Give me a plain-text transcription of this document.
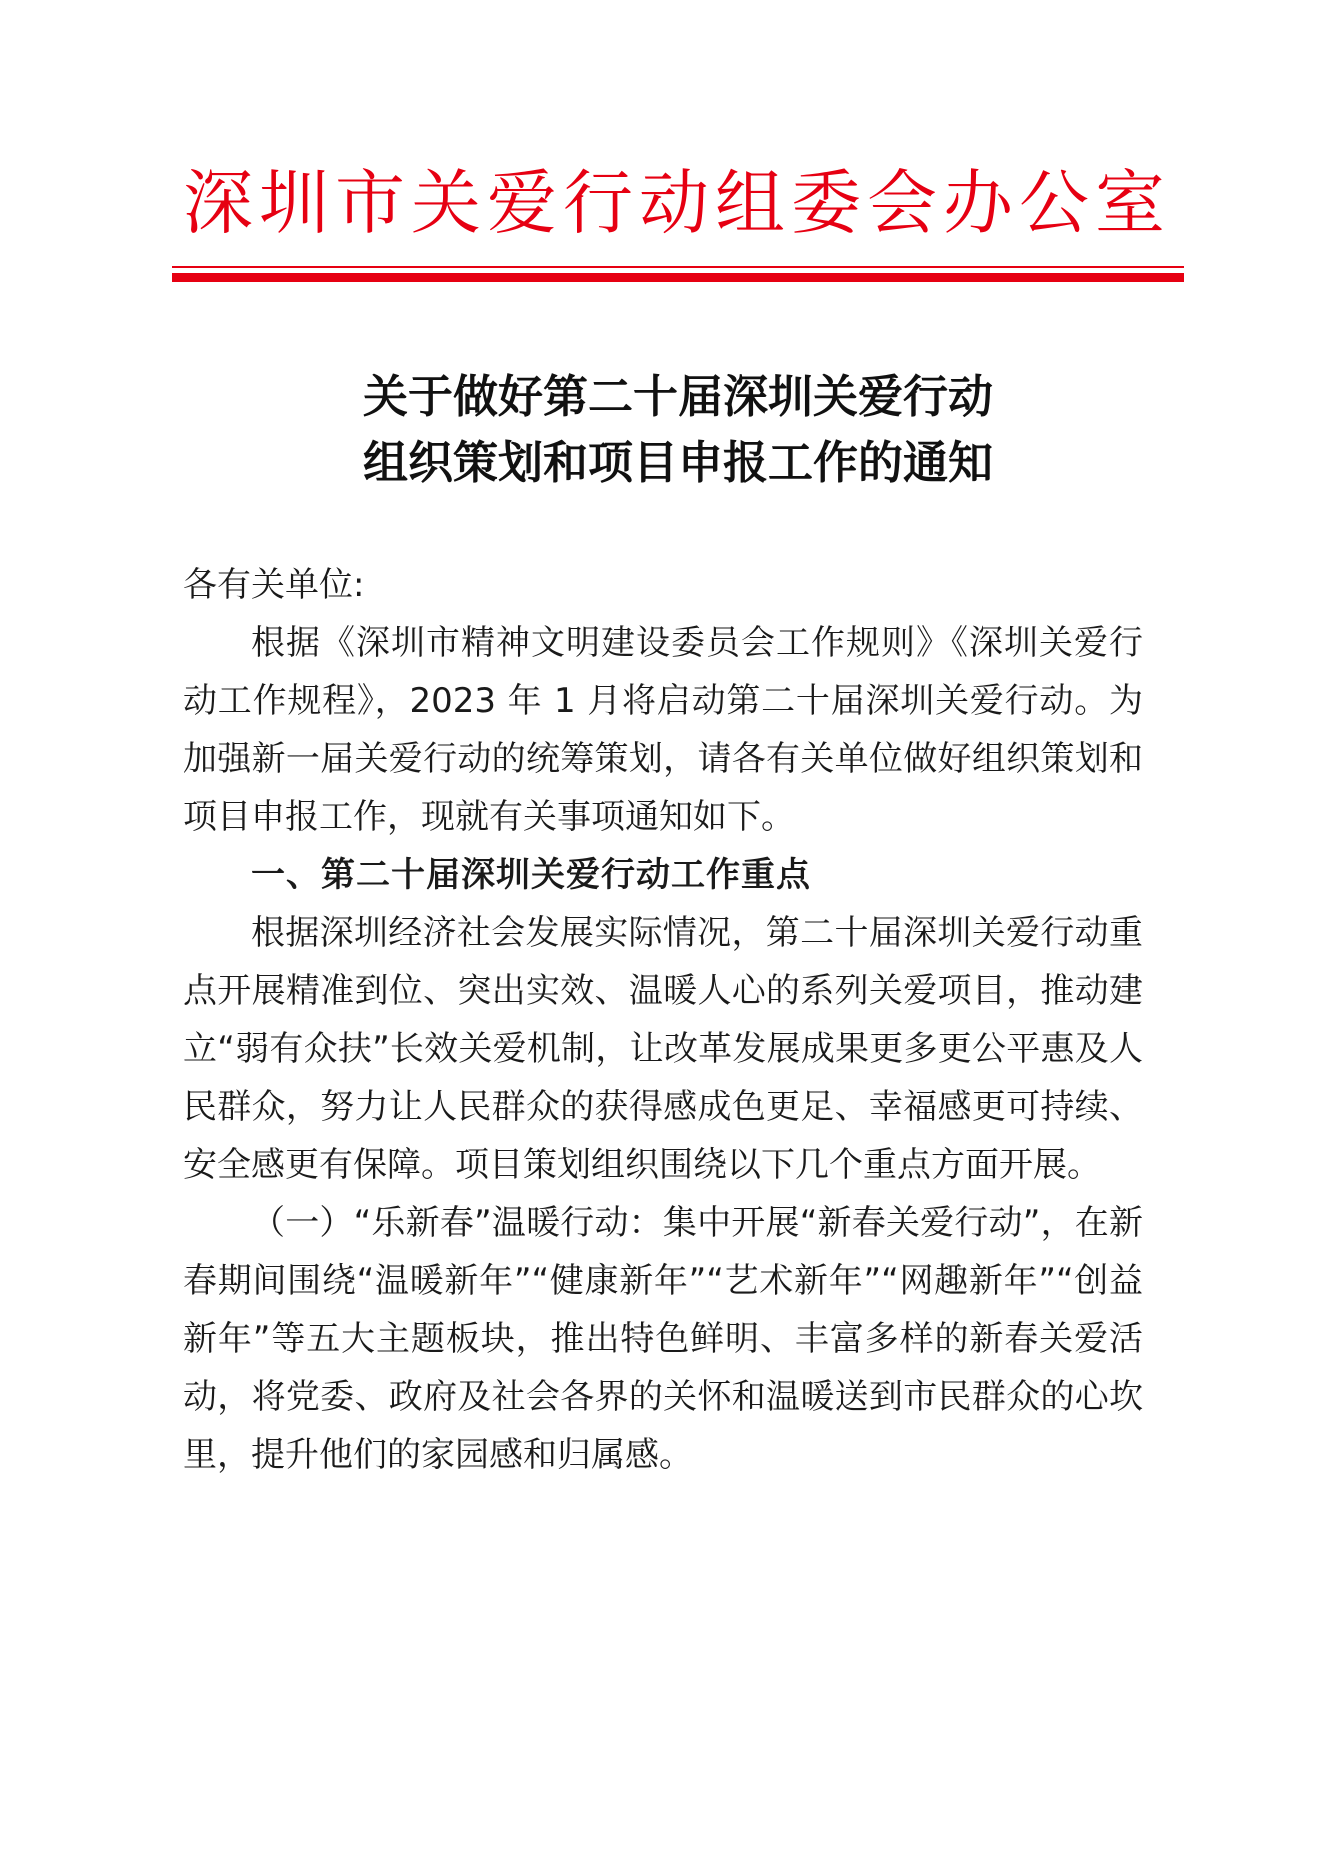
深圳市关爱行动组委会办公室
关于做好第二十届深圳关爱行动
组织策划和项目申报工作的通知

各有关单位:

根据《深圳市精神文明建设委员会工作规则》《深圳关爱行动工作规程》，2023 年 1 月将启动第二十届深圳关爱行动。为加强新一届关爱行动的统筹策划，请各有关单位做好组织策划和项目申报工作，现就有关事项通知如下。

一、第二十届深圳关爱行动工作重点

根据深圳经济社会发展实际情况，第二十届深圳关爱行动重点开展精准到位、突出实效、温暖人心的系列关爱项目，推动建立“弱有众扶”长效关爱机制，让改革发展成果更多更公平惠及人民群众，努力让人民群众的获得感成色更足、幸福感更可持续、安全感更有保障。项目策划组织围绕以下几个重点方面开展。

（一）“乐新春”温暖行动：集中开展“新春关爱行动”，在新春期间围绕“温暖新年”“健康新年”“艺术新年”“网趣新年”“创益新年”等五大主题板块，推出特色鲜明、丰富多样的新春关爱活动，将党委、政府及社会各界的关怀和温暖送到市民群众的心坎里，提升他们的家园感和归属感。
